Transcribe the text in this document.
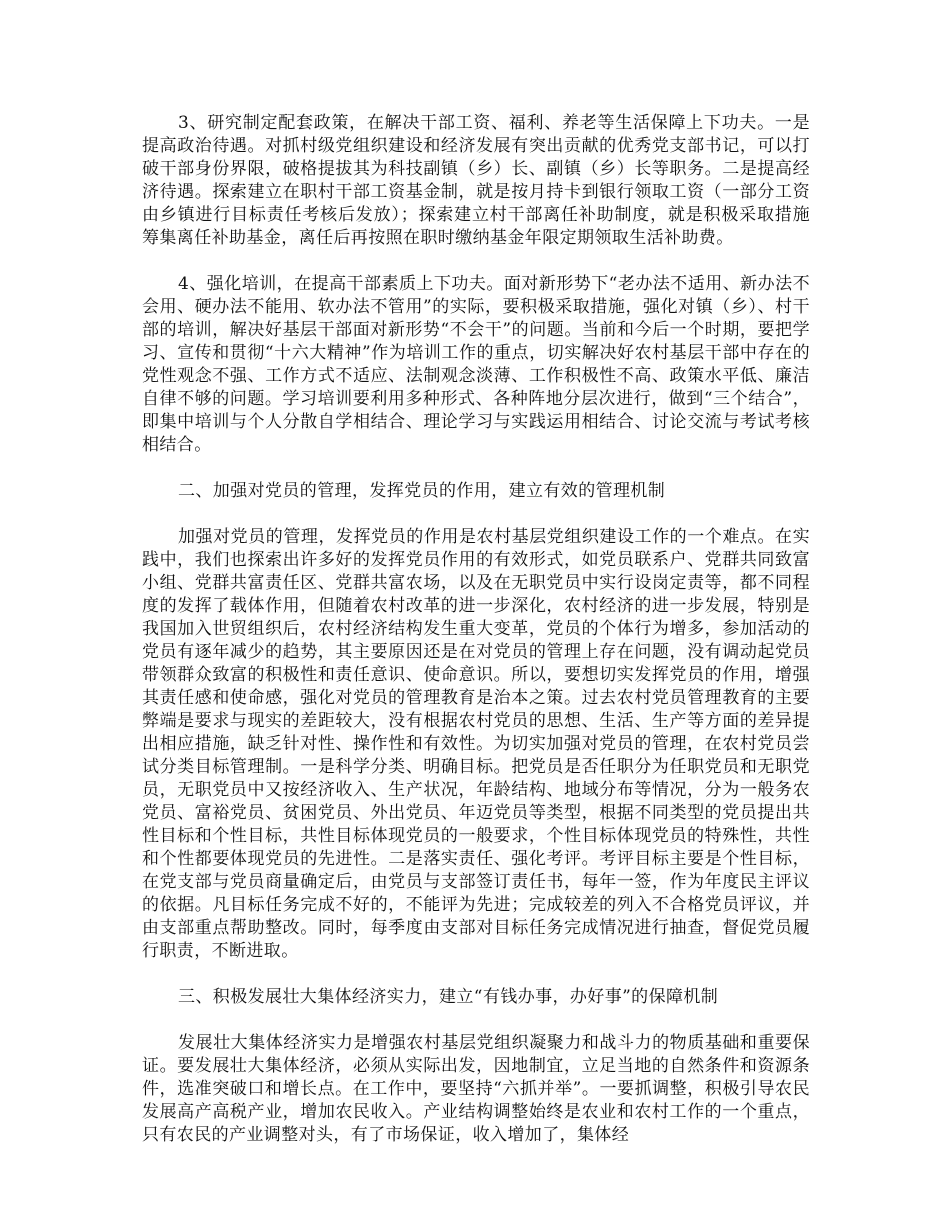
3、研究制定配套政策，在解决干部工资、福利、养老等生活保障上下功夫。一是提高政治待遇。对抓村级党组织建设和经济发展有突出贡献的优秀党支部书记，可以打破干部身份界限，破格提拔其为科技副镇（乡）长、副镇（乡）长等职务。二是提高经济待遇。探索建立在职村干部工资基金制，就是按月持卡到银行领取工资（一部分工资由乡镇进行目标责任考核后发放）；探索建立村干部离任补助制度，就是积极采取措施筹集离任补助基金，离任后再按照在职时缴纳基金年限定期领取生活补助费。

4、强化培训，在提高干部素质上下功夫。面对新形势下“老办法不适用、新办法不会用、硬办法不能用、软办法不管用”的实际，要积极采取措施，强化对镇（乡）、村干部的培训，解决好基层干部面对新形势“不会干”的问题。当前和今后一个时期，要把学习、宣传和贯彻“十六大精神”作为培训工作的重点，切实解决好农村基层干部中存在的党性观念不强、工作方式不适应、法制观念淡薄、工作积极性不高、政策水平低、廉洁自律不够的问题。学习培训要利用多种形式、各种阵地分层次进行，做到“三个结合”，即集中培训与个人分散自学相结合、理论学习与实践运用相结合、讨论交流与考试考核相结合。

二、加强对党员的管理，发挥党员的作用，建立有效的管理机制

加强对党员的管理，发挥党员的作用是农村基层党组织建设工作的一个难点。在实践中，我们也探索出许多好的发挥党员作用的有效形式，如党员联系户、党群共同致富小组、党群共富责任区、党群共富农场，以及在无职党员中实行设岗定责等，都不同程度的发挥了载体作用，但随着农村改革的进一步深化，农村经济的进一步发展，特别是我国加入世贸组织后，农村经济结构发生重大变革，党员的个体行为增多，参加活动的党员有逐年减少的趋势，其主要原因还是在对党员的管理上存在问题，没有调动起党员带领群众致富的积极性和责任意识、使命意识。所以，要想切实发挥党员的作用，增强其责任感和使命感，强化对党员的管理教育是治本之策。过去农村党员管理教育的主要弊端是要求与现实的差距较大，没有根据农村党员的思想、生活、生产等方面的差异提出相应措施，缺乏针对性、操作性和有效性。为切实加强对党员的管理，在农村党员尝试分类目标管理制。一是科学分类、明确目标。把党员是否任职分为任职党员和无职党员，无职党员中又按经济收入、生产状况，年龄结构、地域分布等情况，分为一般务农党员、富裕党员、贫困党员、外出党员、年迈党员等类型，根据不同类型的党员提出共性目标和个性目标，共性目标体现党员的一般要求，个性目标体现党员的特殊性，共性和个性都要体现党员的先进性。二是落实责任、强化考评。考评目标主要是个性目标，在党支部与党员商量确定后，由党员与支部签订责任书，每年一签，作为年度民主评议的依据。凡目标任务完成不好的，不能评为先进；完成较差的列入不合格党员评议，并由支部重点帮助整改。同时，每季度由支部对目标任务完成情况进行抽查，督促党员履行职责，不断进取。

三、积极发展壮大集体经济实力，建立“有钱办事，办好事”的保障机制

发展壮大集体经济实力是增强农村基层党组织凝聚力和战斗力的物质基础和重要保证。要发展壮大集体经济，必须从实际出发，因地制宜，立足当地的自然条件和资源条件，选准突破口和增长点。在工作中，要坚持“六抓并举”。一要抓调整，积极引导农民发展高产高税产业，增加农民收入。产业结构调整始终是农业和农村工作的一个重点，只有农民的产业调整对头，有了市场保证，收入增加了，集体经
